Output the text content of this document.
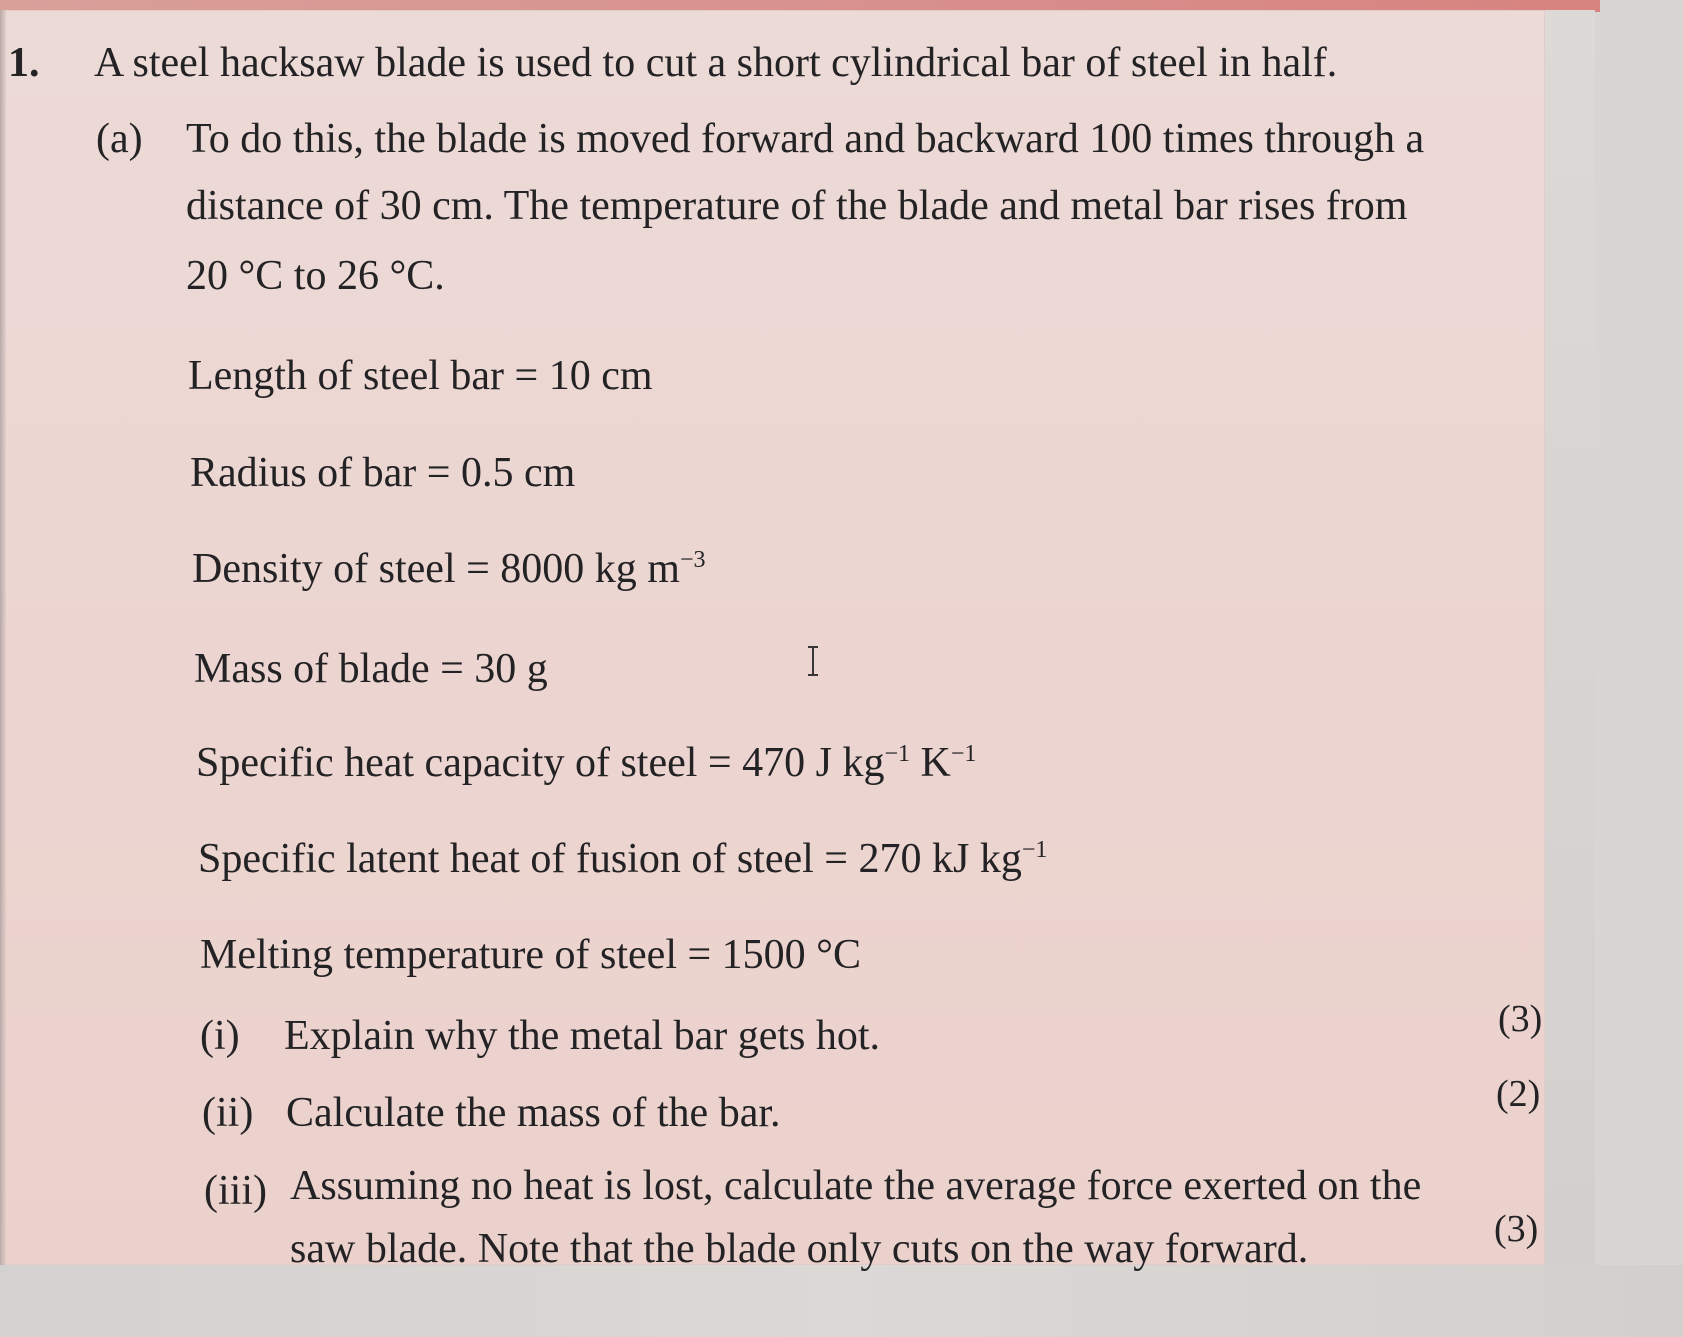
1. A steel hacksaw blade is used to cut a short cylindrical bar of steel in half.
(a) To do this, the blade is moved forward and backward 100 times through a
distance of 30 cm. The temperature of the blade and metal bar rises from
20 °C to 26 °C.
Length of steel bar = 10 cm
Radius of bar = 0.5 cm
Density of steel = 8000 kg $m^{-3}$
Mass of blade = 30 g
Specific heat capacity of steel = 470 J $kg^{-1}$ $K^{-1}$
Specific latent heat of fusion of steel = 270 kJ $kg^{-1}$
Melting temperature of steel = 1500 °C
(i) Explain why the metal bar gets hot.	(3)
(ii) Calculate the mass of the bar.	(2)
(iii) Assuming no heat is lost, calculate the average force exerted on the
saw blade. Note that the blade only cuts on the way forward.	(3)
